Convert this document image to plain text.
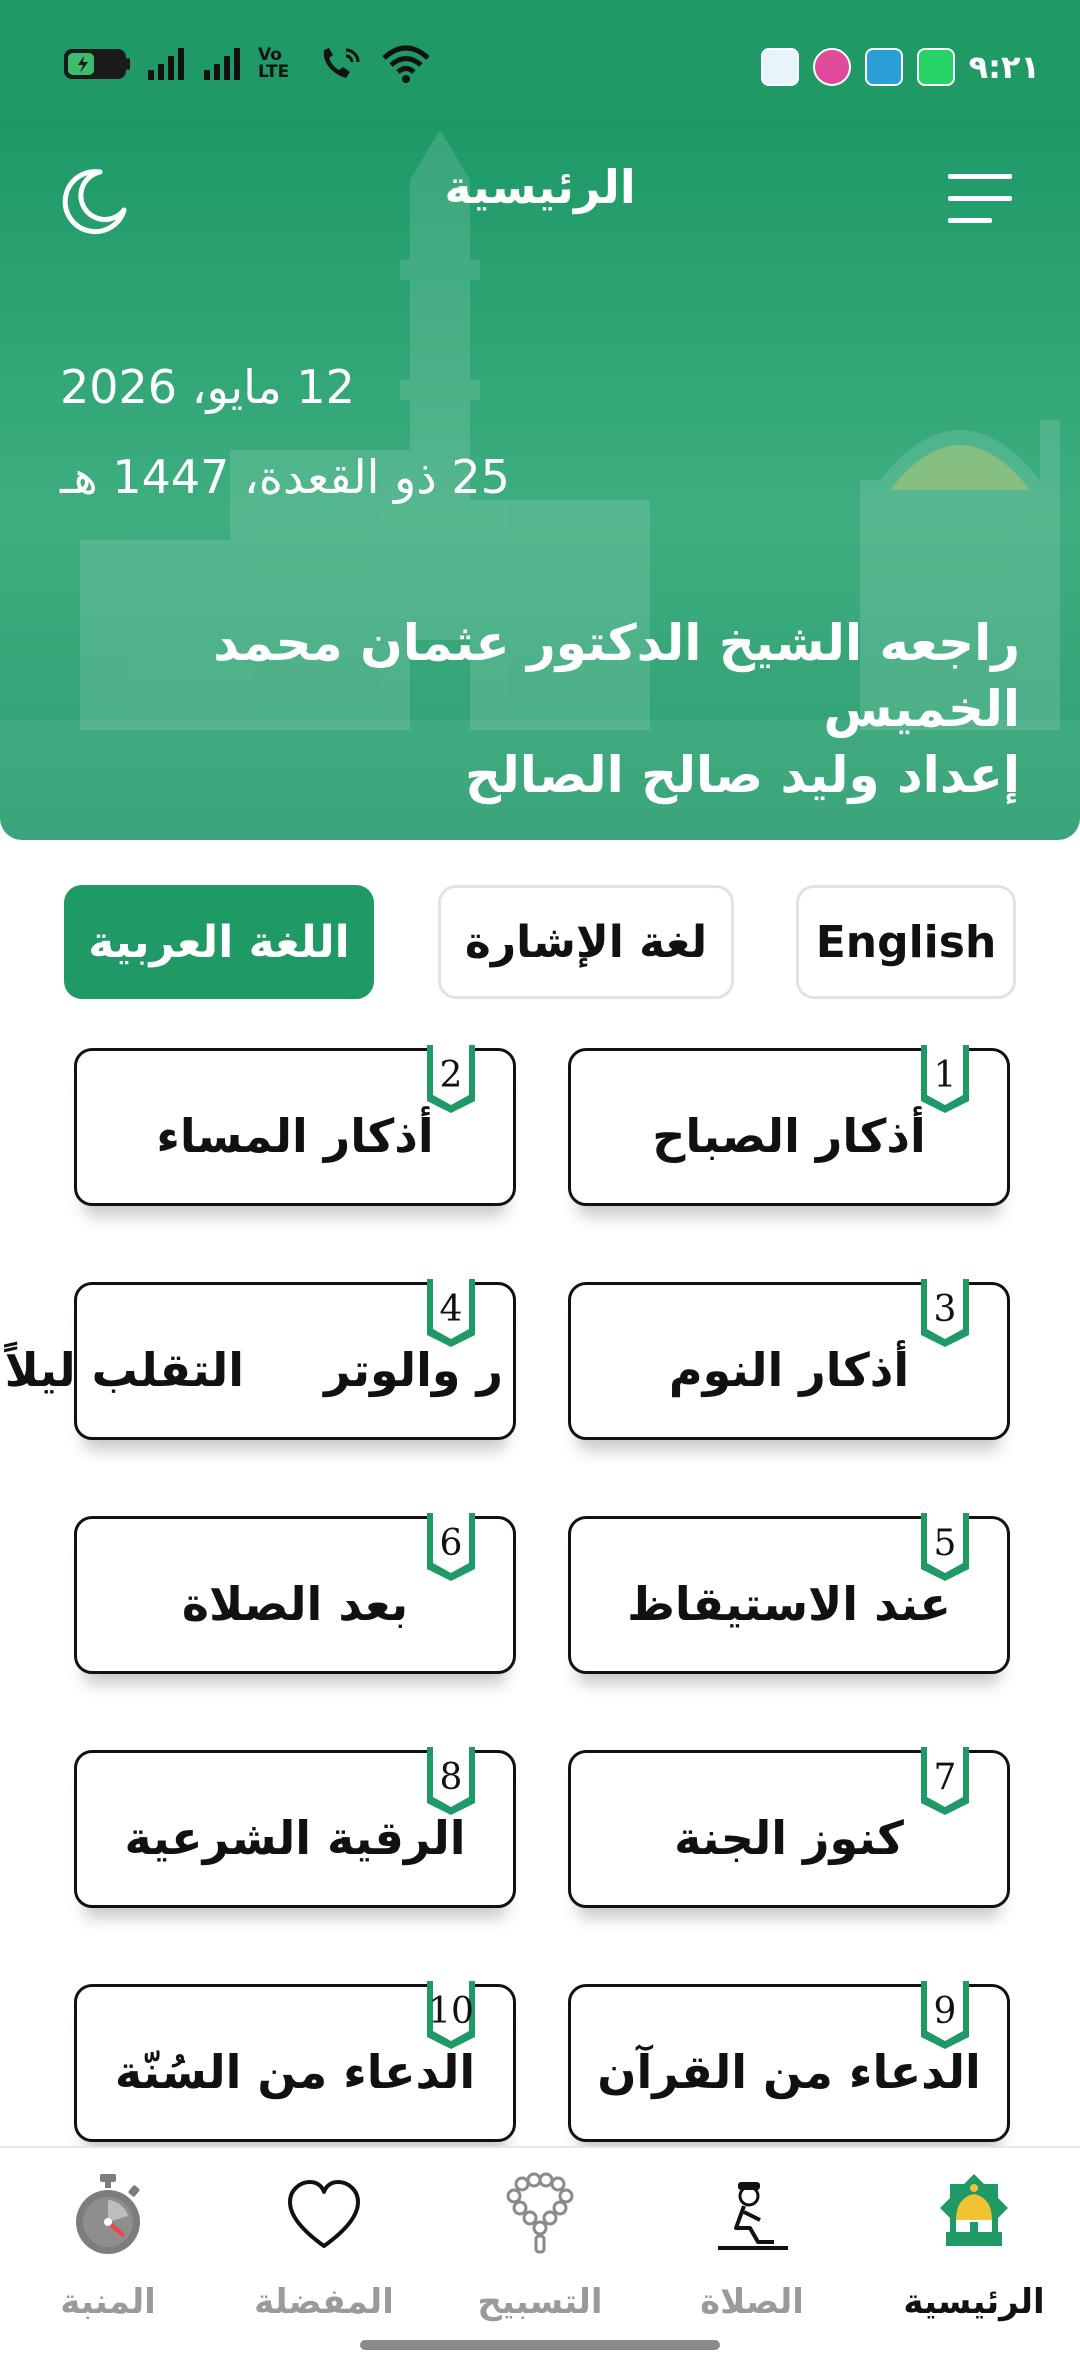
Vo LTE	٩:٢١
الرئيسية
12 مايو، 2026
25 ذو القعدة، 1447 هـ
راجعه الشيخ الدكتور عثمان محمد الخميس
إعداد وليد صالح الصالح
English
لغة الإشارة
اللغة العربية
1
أذكار الصباح
2
أذكار المساء
3
أذكار النوم
4
ر والوتر     التقلب ليلاً
5
عند الاستيقاظ
6
بعد الصلاة
7
كنوز الجنة
8
الرقية الشرعية
9
الدعاء من القرآن
10
الدعاء من السُنّة
الرئيسية
الصلاة
التسبيح
المفضلة
المنبة
